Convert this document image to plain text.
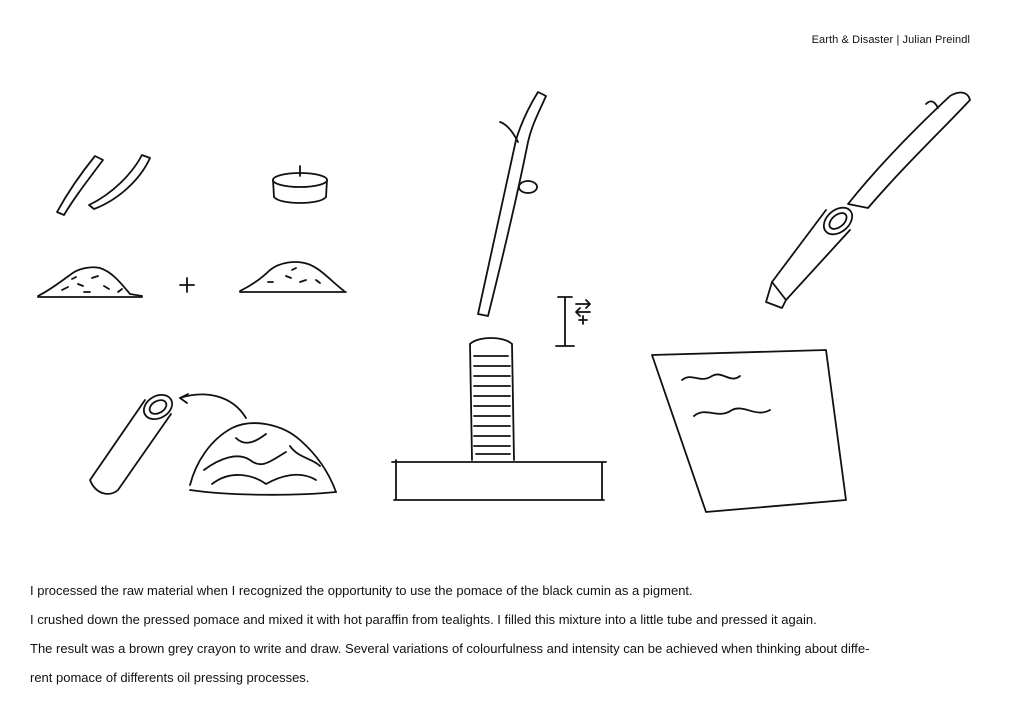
Earth & Disaster | Julian Preindl

I processed the raw material when I recognized the opportunity to use the pomace of the black cumin as a pigment.

I crushed down the pressed pomace and mixed it with hot paraffin from tealights. I filled this mixture into a little tube and pressed it again.

The result was a brown grey crayon to write and draw. Several variations of colourfulness and intensity can be achieved when thinking about diffe-

rent pomace of differents oil pressing processes.
